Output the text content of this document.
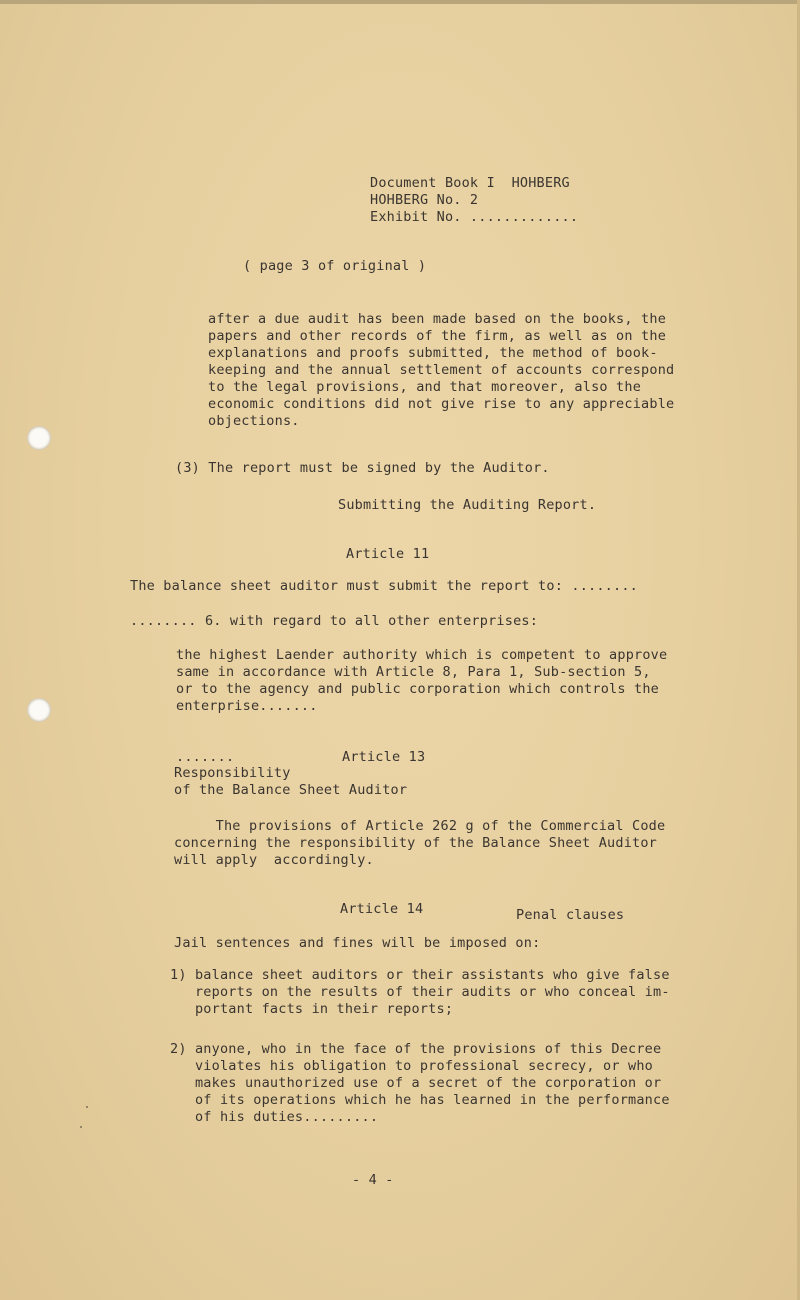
Document Book I  HOHBERG
HOHBERG No. 2
Exhibit No. .............
( page 3 of original )
after a due audit has been made based on the books, the
papers and other records of the firm, as well as on the
explanations and proofs submitted, the method of book-
keeping and the annual settlement of accounts correspond
to the legal provisions, and that moreover, also the
economic conditions did not give rise to any appreciable
objections.
(3) The report must be signed by the Auditor.
Submitting the Auditing Report.
Article 11
The balance sheet auditor must submit the report to: ........
........ 6. with regard to all other enterprises:
the highest Laender authority which is competent to approve
same in accordance with Article 8, Para 1, Sub-section 5,
or to the agency and public corporation which controls the
enterprise.......
.......	Article 13
Responsibility
of the Balance Sheet Auditor
The provisions of Article 262 g of the Commercial Code
concerning the responsibility of the Balance Sheet Auditor
will apply  accordingly.
Article 14	Penal clauses
Jail sentences and fines will be imposed on:
1) balance sheet auditors or their assistants who give false
reports on the results of their audits or who conceal im-
portant facts in their reports;
2) anyone, who in the face of the provisions of this Decree
violates his obligation to professional secrecy, or who
makes unauthorized use of a secret of the corporation or
of its operations which he has learned in the performance
of his duties.........
- 4 -
